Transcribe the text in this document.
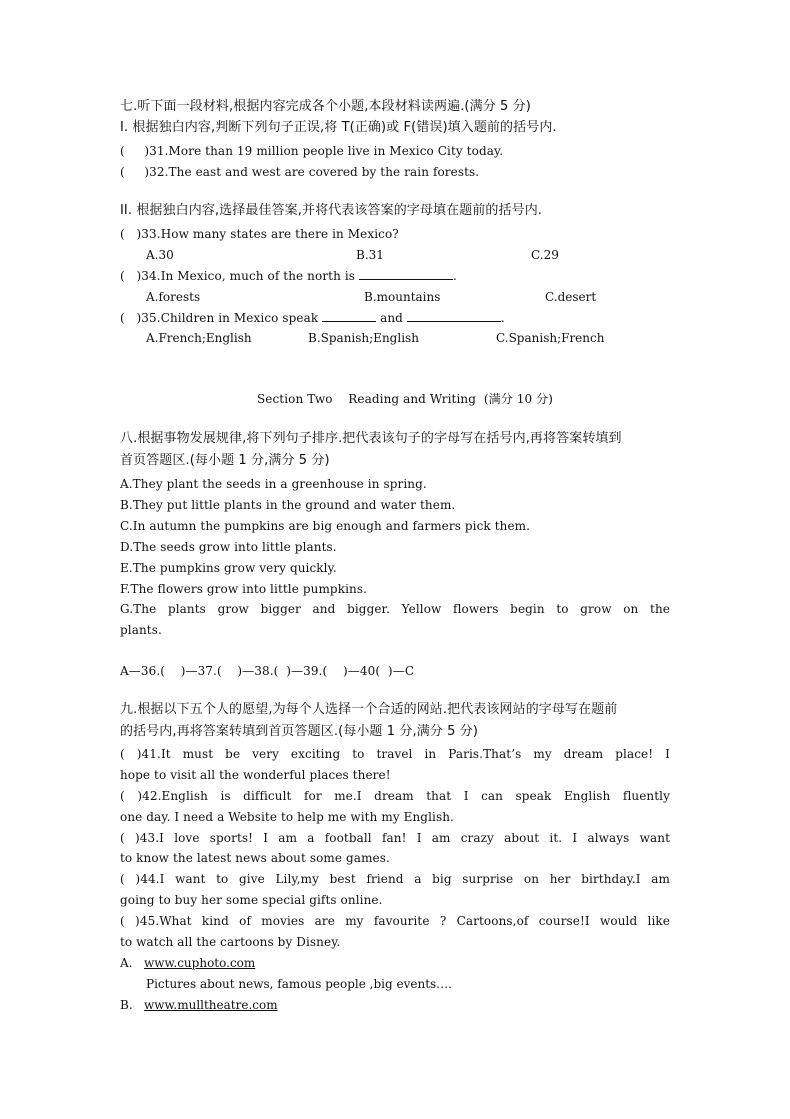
七.听下面一段材料,根据内容完成各个小题,本段材料读两遍.(满分 5 分)
I. 根据独白内容,判断下列句子正误,将 T(正确)或 F(错误)填入题前的括号内.
(     )31.More than 19 million people live in Mexico City today.
(     )32.The east and west are covered by the rain forests.
II. 根据独白内容,选择最佳答案,并将代表该答案的字母填在题前的括号内.
(   )33.How many states are there in Mexico?
A.30	B.31	C.29
(   )34.In Mexico, much of the north is	.
A.forests	B.mountains	C.desert
(   )35.Children in Mexico speak	and	.
A.French;English	B.Spanish;English	C.Spanish;French
Section Two    Reading and Writing  (满分 10 分)
八.根据事物发展规律,将下列句子排序.把代表该句子的字母写在括号内,再将答案转填到
首页答题区.(每小题 1 分,满分 5 分)
A.They plant the seeds in a greenhouse in spring.
B.They put little plants in the ground and water them.
C.In autumn the pumpkins are big enough and farmers pick them.
D.The seeds grow into little plants.
E.The pumpkins grow very quickly.
F.The flowers grow into little pumpkins.
G.The plants grow bigger and bigger. Yellow flowers begin to grow on the
plants.
A—36.(    )—37.(    )—38.(  )—39.(    )—40(  )—C
九.根据以下五个人的愿望,为每个人选择一个合适的网站.把代表该网站的字母写在题前
的括号内,再将答案转填到首页答题区.(每小题 1 分,满分 5 分)
( )41.It must be very exciting to travel in Paris.That’s my dream place! I
hope to visit all the wonderful places there!
( )42.English is difficult for me.I dream that I can speak English fluently
one day. I need a Website to help me with my English.
( )43.I love sports! I am a football fan! I am crazy about it. I always want
to know the latest news about some games.
( )44.I want to give Lily,my best friend a big surprise on her birthday.I am
going to buy her some special gifts online.
( )45.What kind of movies are my favourite ? Cartoons,of course!I would like
to watch all the cartoons by Disney.
A. www.cuphoto.com
Pictures about news, famous people ,big events….
B. www.mulltheatre.com
